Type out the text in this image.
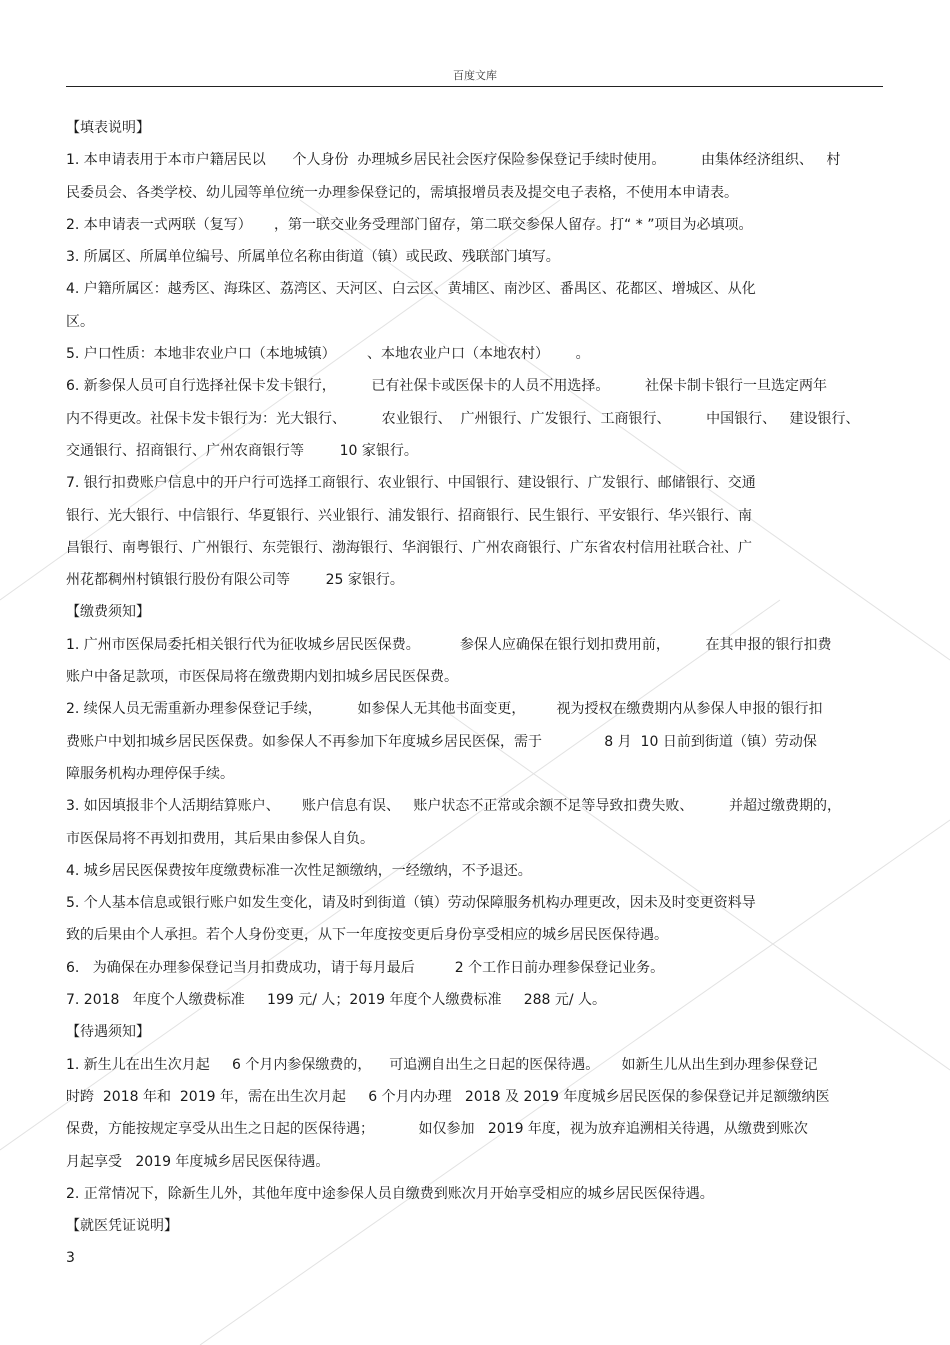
百度文库
【填表说明】
1. 本申请表用于本市户籍居民以      个人身份  办理城乡居民社会医疗保险参保登记手续时使用。        由集体经济组织、   村
民委员会、各类学校、幼儿园等单位统一办理参保登记的，需填报增员表及提交电子表格，不使用本申请表。
2. 本申请表一式两联（复写）     ，第一联交业务受理部门留存，第二联交参保人留存。打“ * ”项目为必填项。
3. 所属区、所属单位编号、所属单位名称由街道（镇）或民政、残联部门填写。
4. 户籍所属区：越秀区、海珠区、荔湾区、天河区、白云区、黄埔区、南沙区、番禺区、花都区、增城区、从化
区。
5. 户口性质：本地非农业户口（本地城镇）       、本地农业户口（本地农村）      。
6. 新参保人员可自行选择社保卡发卡银行，        已有社保卡或医保卡的人员不用选择。        社保卡制卡银行一旦选定两年
内不得更改。社保卡发卡银行为：光大银行、        农业银行、  广州银行、广发银行、工商银行、        中国银行、   建设银行、
交通银行、招商银行、广州农商银行等        10 家银行。
7. 银行扣费账户信息中的开户行可选择工商银行、农业银行、中国银行、建设银行、广发银行、邮储银行、交通
银行、光大银行、中信银行、华夏银行、兴业银行、浦发银行、招商银行、民生银行、平安银行、华兴银行、南
昌银行、南粤银行、广州银行、东莞银行、渤海银行、华润银行、广州农商银行、广东省农村信用社联合社、广
州花都稠州村镇银行股份有限公司等        25 家银行。
【缴费须知】
1. 广州市医保局委托相关银行代为征收城乡居民医保费。         参保人应确保在银行划扣费用前，        在其申报的银行扣费
账户中备足款项，市医保局将在缴费期内划扣城乡居民医保费。
2. 续保人员无需重新办理参保登记手续，        如参保人无其他书面变更，       视为授权在缴费期内从参保人申报的银行扣
费账户中划扣城乡居民医保费。如参保人不再参加下年度城乡居民医保，需于              8 月  10 日前到街道（镇）劳动保
障服务机构办理停保手续。
3. 如因填报非个人活期结算账户、     账户信息有误、   账户状态不正常或余额不足等导致扣费失败、        并超过缴费期的，
市医保局将不再划扣费用，其后果由参保人自负。
4. 城乡居民医保费按年度缴费标准一次性足额缴纳，一经缴纳，不予退还。
5. 个人基本信息或银行账户如发生变化，请及时到街道（镇）劳动保障服务机构办理更改，因未及时变更资料导
致的后果由个人承担。若个人身份变更，从下一年度按变更后身份享受相应的城乡居民医保待遇。
6.   为确保在办理参保登记当月扣费成功，请于每月最后         2 个工作日前办理参保登记业务。
7. 2018   年度个人缴费标准     199 元/ 人；2019 年度个人缴费标准     288 元/ 人。
【待遇须知】
1. 新生儿在出生次月起     6 个月内参保缴费的，    可追溯自出生之日起的医保待遇。     如新生儿从出生到办理参保登记
时跨  2018 年和  2019 年，需在出生次月起     6 个月内办理   2018 及 2019 年度城乡居民医保的参保登记并足额缴纳医
保费，方能按规定享受从出生之日起的医保待遇；          如仅参加   2019 年度，视为放弃追溯相关待遇，从缴费到账次
月起享受   2019 年度城乡居民医保待遇。
2. 正常情况下，除新生儿外，其他年度中途参保人员自缴费到账次月开始享受相应的城乡居民医保待遇。
【就医凭证说明】
3
